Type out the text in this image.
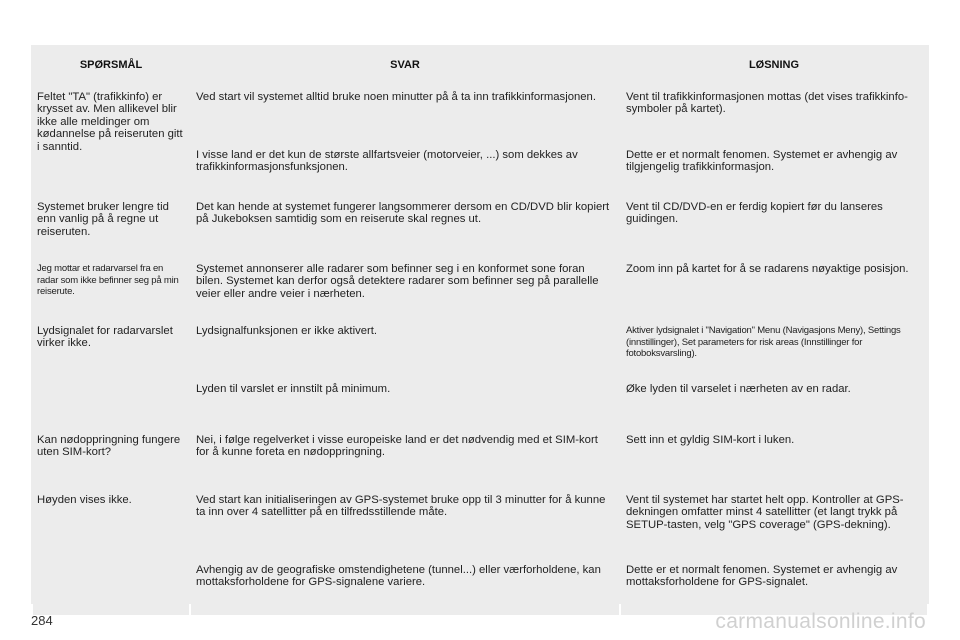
SPØRSMÅL	SVAR	LØSNING
Feltet "TA" (trafikkinfo) er krysset av. Men allikevel blir ikke alle meldinger om kødannelse på reiseruten gitt i sanntid.	Ved start vil systemet alltid bruke noen minutter på å ta inn trafikkinformasjonen.	Vent til trafikkinformasjonen mottas (det vises trafikkinfo-symboler på kartet).
	I visse land er det kun de største allfartsveier (motorveier, ...) som dekkes av trafikkinformasjonsfunksjonen.	Dette er et normalt fenomen. Systemet er avhengig av tilgjengelig trafikkinformasjon.
Systemet bruker lengre tid enn vanlig på å regne ut reiseruten.	Det kan hende at systemet fungerer langsommerer dersom en CD/DVD blir kopiert på Jukeboksen samtidig som en reiserute skal regnes ut.	Vent til CD/DVD-en er ferdig kopiert før du lanseres guidingen.
Jeg mottar et radarvarsel fra en radar som ikke befinner seg på min reiserute.	Systemet annonserer alle radarer som befinner seg i en konformet sone foran bilen. Systemet kan derfor også detektere radarer som befinner seg på parallelle veier eller andre veier i nærheten.	Zoom inn på kartet for å se radarens nøyaktige posisjon.
Lydsignalet for radarvarslet virker ikke.	Lydsignalfunksjonen er ikke aktivert.	Aktiver lydsignalet i "Navigation" Menu (Navigasjons Meny), Settings (innstillinger), Set parameters for risk areas (Innstillinger for fotoboksvarsling).
	Lyden til varslet er innstilt på minimum.	Øke lyden til varselet i nærheten av en radar.
Kan nødoppringning fungere uten SIM-kort?	Nei, i følge regelverket i visse europeiske land er det nødvendig med et SIM-kort for å kunne foreta en nødoppringning.	Sett inn et gyldig SIM-kort i luken.
Høyden vises ikke.	Ved start kan initialiseringen av GPS-systemet bruke opp til 3 minutter for å kunne ta inn over 4 satellitter på en tilfredsstillende måte.	Vent til systemet har startet helt opp. Kontroller at GPS-dekningen omfatter minst 4 satellitter (et langt trykk på SETUP-tasten, velg "GPS coverage" (GPS-dekning).
	Avhengig av de geografiske omstendighetene (tunnel...) eller værforholdene, kan mottaksforholdene for GPS-signalene variere.	Dette er et normalt fenomen. Systemet er avhengig av mottaksforholdene for GPS-signalet.
284	carmanualsonline.info
